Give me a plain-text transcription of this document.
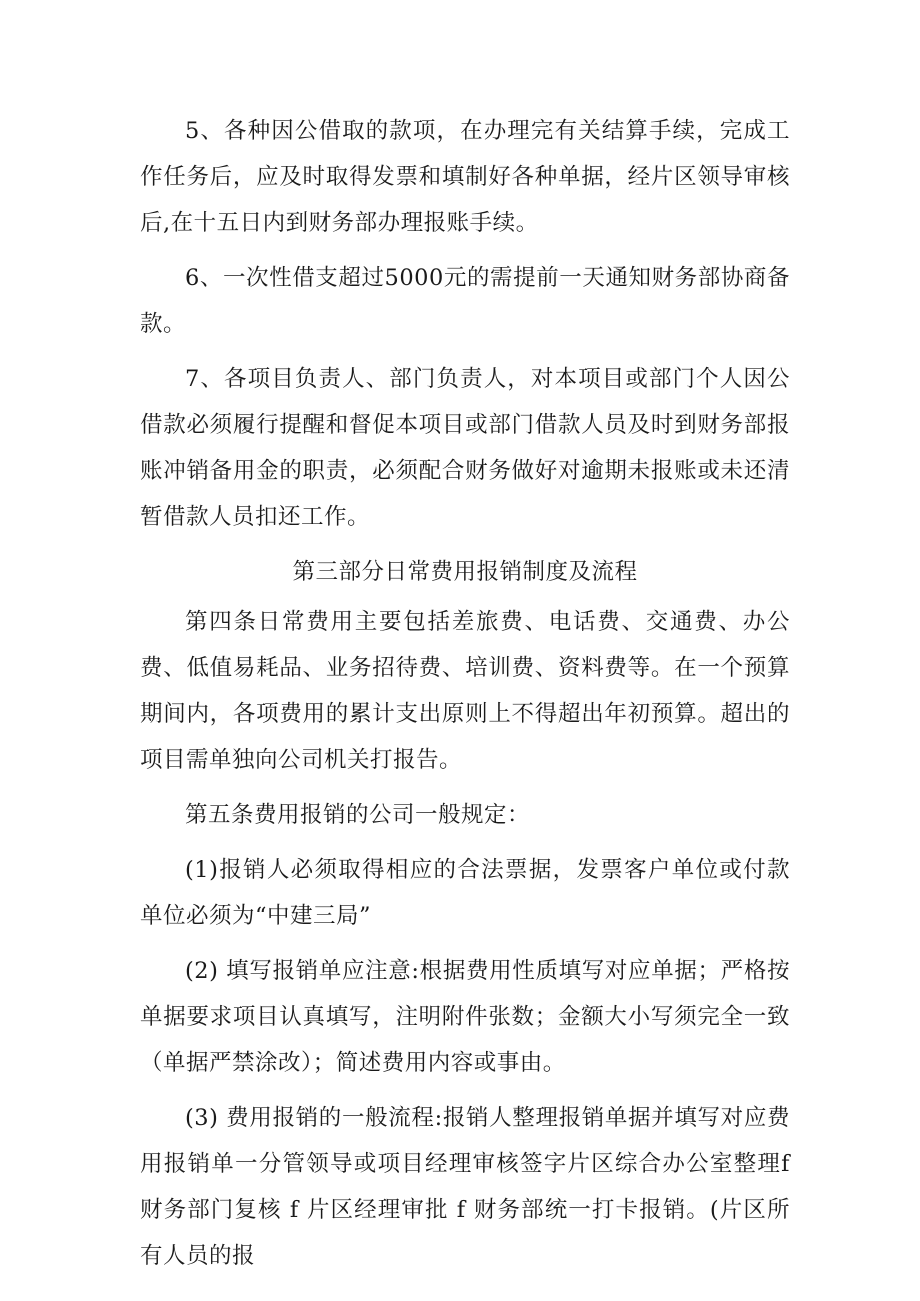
5、各种因公借取的款项，在办理完有关结算手续，完成工作任务后，应及时取得发票和填制好各种单据，经片区领导审核后,在十五日内到财务部办理报账手续。

6、一次性借支超过5000元的需提前一天通知财务部协商备款。

7、各项目负责人、部门负责人，对本项目或部门个人因公借款必须履行提醒和督促本项目或部门借款人员及时到财务部报账冲销备用金的职责，必须配合财务做好对逾期未报账或未还清暂借款人员扣还工作。

第三部分日常费用报销制度及流程

第四条日常费用主要包括差旅费、电话费、交通费、办公费、低值易耗品、业务招待费、培训费、资料费等。在一个预算期间内，各项费用的累计支出原则上不得超出年初预算。超出的项目需单独向公司机关打报告。

第五条费用报销的公司一般规定：

(1)报销人必须取得相应的合法票据，发票客户单位或付款单位必须为“中建三局”

(2) 填写报销单应注意:根据费用性质填写对应单据；严格按单据要求项目认真填写，注明附件张数；金额大小写须完全一致（单据严禁涂改）；简述费用内容或事由。

(3) 费用报销的一般流程:报销人整理报销单据并填写对应费用报销单一分管领导或项目经理审核签字片区综合办公室整理f财务部门复核 f 片区经理审批 f 财务部统一打卡报销。(片区所有人员的报
